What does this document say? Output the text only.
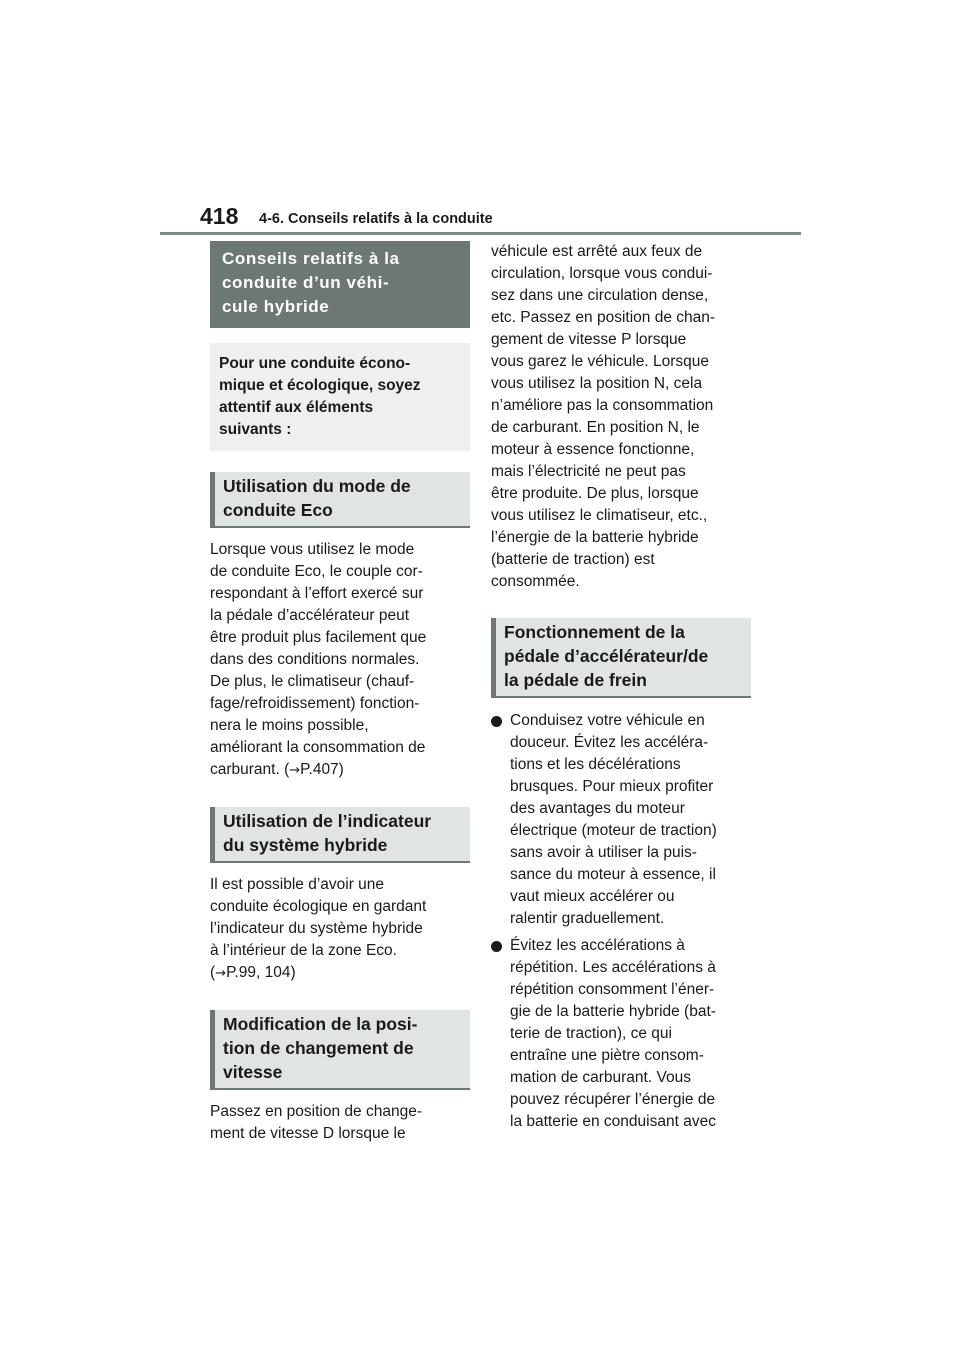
418 4-6. Conseils relatifs à la conduite
Conseils relatifs à la
conduite d’un véhi-
cule hybride
Pour une conduite écono-
mique et écologique, soyez
attentif aux éléments
suivants :
Utilisation du mode de
conduite Eco
Lorsque vous utilisez le mode
de conduite Eco, le couple cor-
respondant à l’effort exercé sur
la pédale d’accélérateur peut
être produit plus facilement que
dans des conditions normales.
De plus, le climatiseur (chauf-
fage/refroidissement) fonction-
nera le moins possible,
améliorant la consommation de
carburant. (→P.407)
Utilisation de l’indicateur
du système hybride
Il est possible d’avoir une
conduite écologique en gardant
l’indicateur du système hybride
à l’intérieur de la zone Eco.
(→P.99, 104)
Modification de la posi-
tion de changement de
vitesse
Passez en position de change-
ment de vitesse D lorsque le
véhicule est arrêté aux feux de
circulation, lorsque vous condui-
sez dans une circulation dense,
etc. Passez en position de chan-
gement de vitesse P lorsque
vous garez le véhicule. Lorsque
vous utilisez la position N, cela
n’améliore pas la consommation
de carburant. En position N, le
moteur à essence fonctionne,
mais l’électricité ne peut pas
être produite. De plus, lorsque
vous utilisez le climatiseur, etc.,
l’énergie de la batterie hybride
(batterie de traction) est
consommée.
Fonctionnement de la
pédale d’accélérateur/de
la pédale de frein
Conduisez votre véhicule en
douceur. Évitez les accéléra-
tions et les décélérations
brusques. Pour mieux profiter
des avantages du moteur
électrique (moteur de traction)
sans avoir à utiliser la puis-
sance du moteur à essence, il
vaut mieux accélérer ou
ralentir graduellement.
Évitez les accélérations à
répétition. Les accélérations à
répétition consomment l’éner-
gie de la batterie hybride (bat-
terie de traction), ce qui
entraîne une piètre consom-
mation de carburant. Vous
pouvez récupérer l’énergie de
la batterie en conduisant avec
